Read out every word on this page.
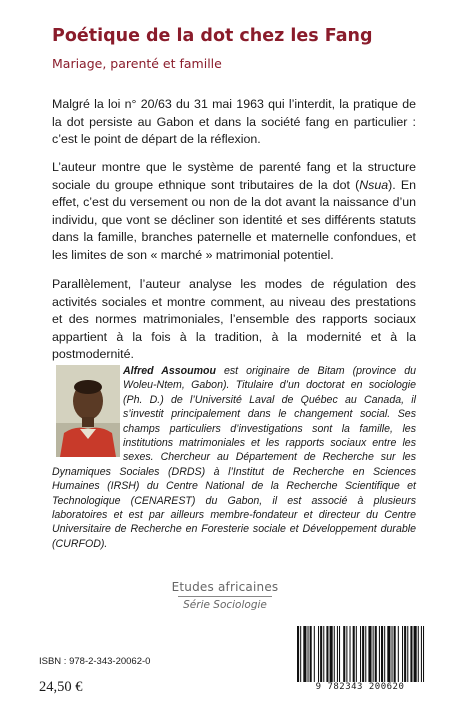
Poétique de la dot chez les Fang

Mariage, parenté et famille

Malgré la loi n° 20/63 du 31 mai 1963 qui l’interdit, la pratique de la dot persiste au Gabon et dans la société fang en particulier : c’est le point de départ de la réflexion.

L’auteur montre que le système de parenté fang et la structure sociale du groupe ethnique sont tributaires de la dot (Nsua). En effet, c’est du versement ou non de la dot avant la naissance d’un individu, que vont se décliner son identité et ses différents statuts dans la famille, branches paternelle et maternelle confondues, et les limites de son « marché » matrimonial potentiel.

Parallèlement, l’auteur analyse les modes de régulation des activités sociales et montre comment, au niveau des prestations et des normes matrimoniales, l’ensemble des rapports sociaux appartient à la fois à la tradition, à la modernité et à la postmodernité.

Alfred Assoumou est originaire de Bitam (province du Woleu-Ntem, Gabon). Titulaire d’un doctorat en sociologie (Ph. D.) de l’Université Laval de Québec au Canada, il s’investit principalement dans le changement social. Ses champs particuliers d’investigations sont la famille, les institutions matrimoniales et les rapports sociaux entre les sexes. Chercheur au Département de Recherche sur les Dynamiques Sociales (DRDS) à l’Institut de Recherche en Sciences Humaines (IRSH) du Centre National de la Recherche Scientifique et Technologique (CENAREST) du Gabon, il est associé à plusieurs laboratoires et est par ailleurs membre-fondateur et directeur du Centre Universitaire de Recherche en Foresterie sociale et Développement durable (CURFOD).

Etudes africaines
Série Sociologie

ISBN : 978-2-343-20062-0

24,50 €	9 782343 200620
